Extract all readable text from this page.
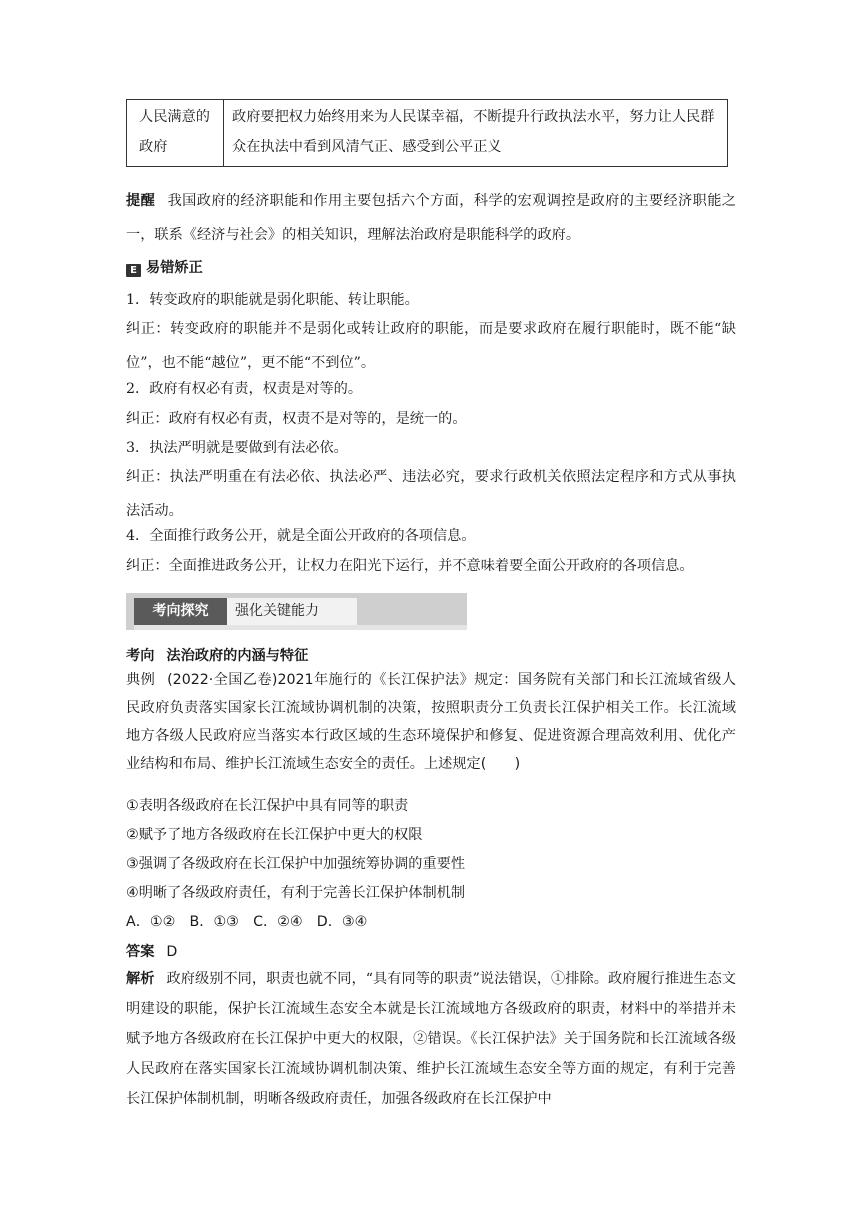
人民满意的政府	政府要把权力始终用来为人民谋幸福，不断提升行政执法水平，努力让人民群众在执法中看到风清气正、感受到公平正义
提醒 我国政府的经济职能和作用主要包括六个方面，科学的宏观调控是政府的主要经济职能之一，联系《经济与社会》的相关知识，理解法治政府是职能科学的政府。
E 易错矫正
1．转变政府的职能就是弱化职能、转让职能。
纠正：转变政府的职能并不是弱化或转让政府的职能，而是要求政府在履行职能时，既不能“缺位”，也不能“越位”，更不能“不到位”。
2．政府有权必有责，权责是对等的。
纠正：政府有权必有责，权责不是对等的，是统一的。
3．执法严明就是要做到有法必依。
纠正：执法严明重在有法必依、执法必严、违法必究，要求行政机关依照法定程序和方式从事执法活动。
4．全面推行政务公开，就是全面公开政府的各项信息。
纠正：全面推进政务公开，让权力在阳光下运行，并不意味着要全面公开政府的各项信息。
考向探究	强化关键能力
考向 法治政府的内涵与特征
典例 (2022·全国乙卷)2021年施行的《长江保护法》规定：国务院有关部门和长江流域省级人民政府负责落实国家长江流域协调机制的决策，按照职责分工负责长江保护相关工作。长江流域地方各级人民政府应当落实本行政区域的生态环境保护和修复、促进资源合理高效利用、优化产业结构和布局、维护长江流域生态安全的责任。上述规定(　　)
①表明各级政府在长江保护中具有同等的职责
②赋予了地方各级政府在长江保护中更大的权限
③强调了各级政府在长江保护中加强统筹协调的重要性
④明晰了各级政府责任，有利于完善长江保护体制机制
A．①②　B．①③　C．②④　D．③④
答案 D
解析 政府级别不同，职责也就不同，“具有同等的职责”说法错误，①排除。政府履行推进生态文明建设的职能，保护长江流域生态安全本就是长江流域地方各级政府的职责，材料中的举措并未赋予地方各级政府在长江保护中更大的权限，②错误。《长江保护法》关于国务院和长江流域各级人民政府在落实国家长江流域协调机制决策、维护长江流域生态安全等方面的规定，有利于完善长江保护体制机制，明晰各级政府责任，加强各级政府在长江保护中
